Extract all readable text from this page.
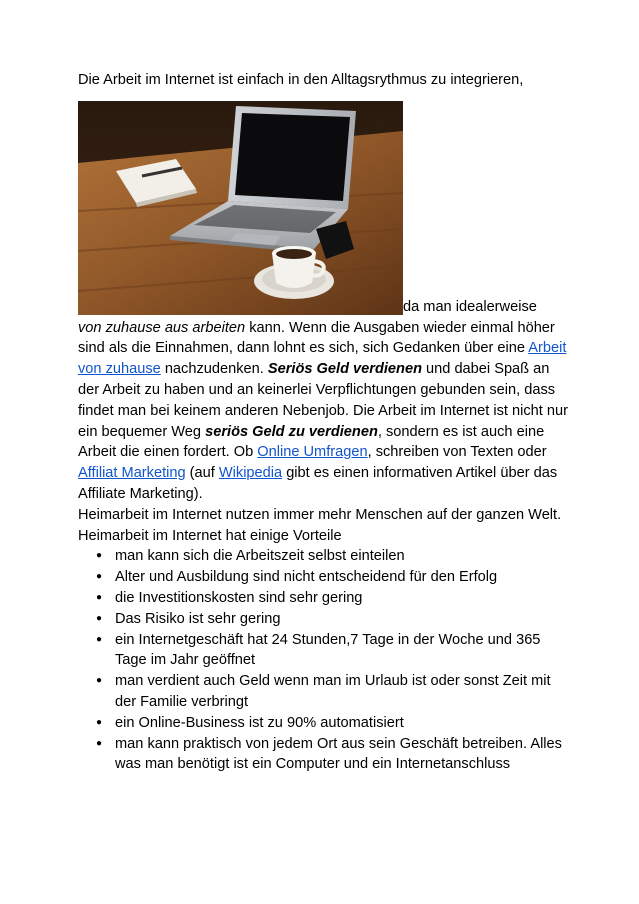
Die Arbeit im Internet ist einfach in den Alltagsrythmus zu integrieren,

da man idealerweise
von zuhause aus arbeiten kann. Wenn die Ausgaben wieder einmal höher sind als die Einnahmen, dann lohnt es sich, sich Gedanken über eine Arbeit von zuhause nachzudenken. Seriös Geld verdienen und dabei Spaß an der Arbeit zu haben und an keinerlei Verpflichtungen gebunden sein, dass findet man bei keinem anderen Nebenjob. Die Arbeit im Internet ist nicht nur ein bequemer Weg seriös Geld zu verdienen, sondern es ist auch eine Arbeit die einen fordert. Ob Online Umfragen, schreiben von Texten oder Affiliat Marketing (auf Wikipedia gibt es einen informativen Artikel über das Affiliate Marketing).

Heimarbeit im Internet nutzen immer mehr Menschen auf der ganzen Welt.

Heimarbeit im Internet hat einige Vorteile

● man kann sich die Arbeitszeit selbst einteilen
● Alter und Ausbildung sind nicht entscheidend für den Erfolg
● die Investitionskosten sind sehr gering
● Das Risiko ist sehr gering
● ein Internetgeschäft hat 24 Stunden,7 Tage in der Woche und 365 Tage im Jahr geöffnet
● man verdient auch Geld wenn man im Urlaub ist oder sonst Zeit mit der Familie verbringt
● ein Online-Business ist zu 90% automatisiert
● man kann praktisch von jedem Ort aus sein Geschäft betreiben. Alles was man benötigt ist ein Computer und ein Internetanschluss
